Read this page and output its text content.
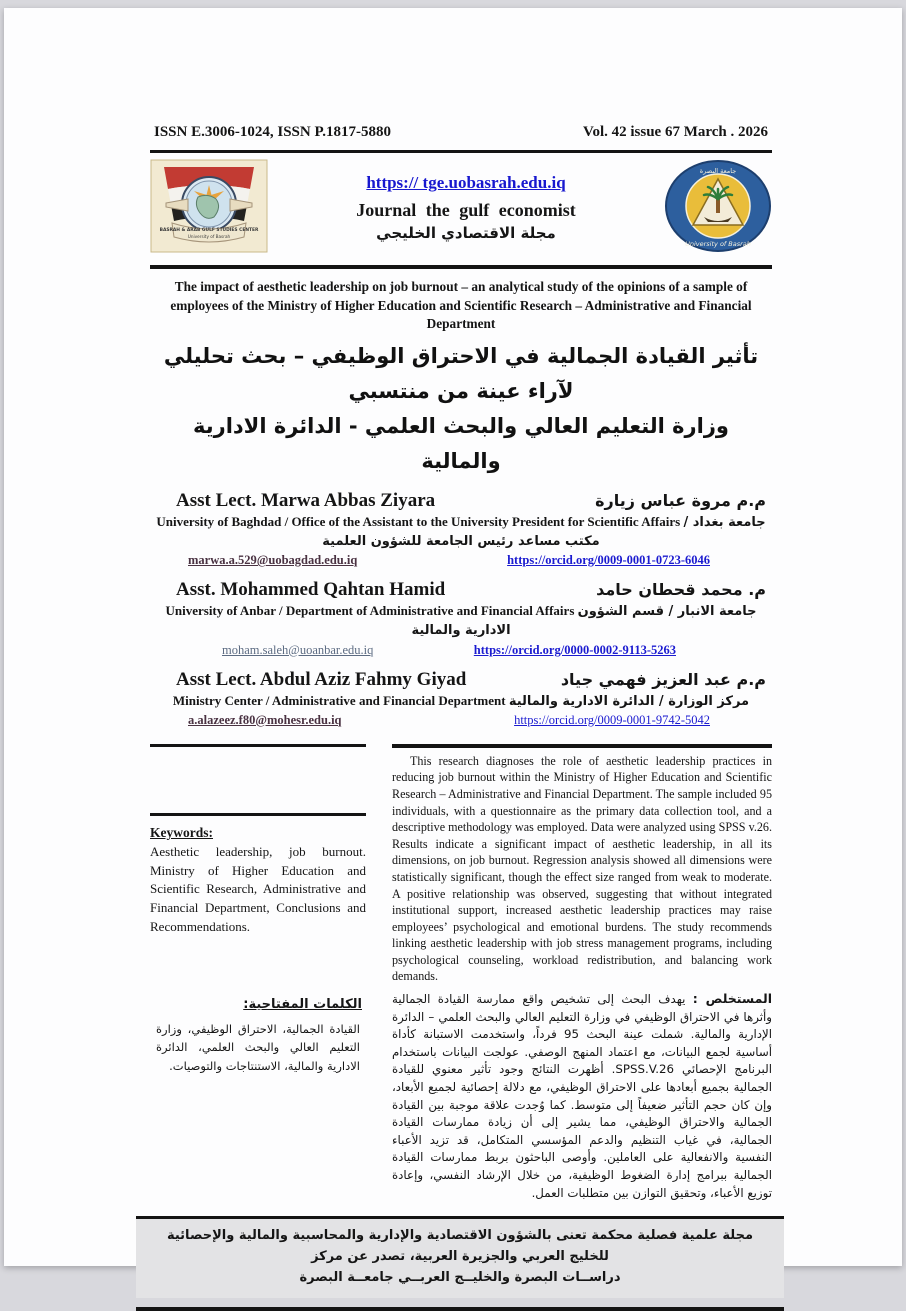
ISSN E.3006-1024, ISSN P.1817-5880	Vol. 42 issue 67 March . 2026
BASRAH & ARAB GULF STUDIES CENTER
University of Basrah
https:// tge.uobasrah.edu.iq
Journal the gulf economist
مجلة الاقتصادي الخليجي
جامعة البصرة
University of Basrah
The impact of aesthetic leadership on job burnout – an analytical study of the opinions of a sample of employees of the Ministry of Higher Education and Scientific Research – Administrative and Financial Department
تأثير القيادة الجمالية في الاحتراق الوظيفي – بحث تحليلي لآراء عينة من منتسبي
وزارة التعليم العالي والبحث العلمي - الدائرة الادارية والمالية
Asst Lect. Marwa Abbas Ziyara	م.م مروة عباس زيارة
University of Baghdad / Office of the Assistant to the University President for Scientific Affairs جامعة بغداد / مكتب مساعد رئيس الجامعة للشؤون العلمية
marwa.a.529@uobagdad.edu.iq	https://orcid.org/0009-0001-0723-6046
Asst. Mohammed Qahtan Hamid	م. محمد قحطان حامد
University of Anbar / Department of Administrative and Financial Affairs جامعة الانبار / قسم الشؤون الادارية والمالية
moham.saleh@uoanbar.edu.iq	https://orcid.org/0000-0002-9113-5263
Asst Lect. Abdul Aziz Fahmy Giyad	م.م عبد العزيز فهمي جياد
Ministry Center / Administrative and Financial Department مركز الوزارة / الدائرة الادارية والمالية
a.alazeez.f80@mohesr.edu.iq	https://orcid.org/0009-0001-9742-5042
Keywords:

Aesthetic leadership, job burnout. Ministry of Higher Education and Scientific Research, Administrative and Financial Department, Conclusions and Recommendations.

الكلمات المفتاحية:

القيادة الجمالية، الاحتراق الوظيفي، وزارة التعليم العالي والبحث العلمي، الدائرة الادارية والمالية، الاستنتاجات والتوصيات.

This research diagnoses the role of aesthetic leadership practices in reducing job burnout within the Ministry of Higher Education and Scientific Research – Administrative and Financial Department. The sample included 95 individuals, with a questionnaire as the primary data collection tool, and a descriptive methodology was employed. Data were analyzed using SPSS v.26. Results indicate a significant impact of aesthetic leadership, in all its dimensions, on job burnout. Regression analysis showed all dimensions were statistically significant, though the effect size ranged from weak to moderate. A positive relationship was observed, suggesting that without integrated institutional support, increased aesthetic leadership practices may raise employees’ psychological and emotional burdens. The study recommends linking aesthetic leadership with job stress management programs, including psychological counseling, workload redistribution, and balancing work demands.

المستخلص : يهدف البحث إلى تشخيص واقع ممارسة القيادة الجمالية وأثرها في الاحتراق الوظيفي في وزارة التعليم العالي والبحث العلمي – الدائرة الإدارية والمالية. شملت عينة البحث 95 فرداً، واستخدمت الاستبانة كأداة أساسية لجمع البيانات، مع اعتماد المنهج الوصفي. عولجت البيانات باستخدام البرنامج الإحصائي SPSS.V.26. أظهرت النتائج وجود تأثير معنوي للقيادة الجمالية بجميع أبعادها على الاحتراق الوظيفي، مع دلالة إحصائية لجميع الأبعاد، وإن كان حجم التأثير ضعيفاً إلى متوسط. كما وُجدت علاقة موجبة بين القيادة الجمالية والاحتراق الوظيفي، مما يشير إلى أن زيادة ممارسات القيادة الجمالية، في غياب التنظيم والدعم المؤسسي المتكامل، قد تزيد الأعباء النفسية والانفعالية على العاملين. وأوصى الباحثون بربط ممارسات القيادة الجمالية ببرامج إدارة الضغوط الوظيفية، من خلال الإرشاد النفسي، وإعادة توزيع الأعباء، وتحقيق التوازن بين متطلبات العمل.

مجلة علمية فصلية محكمة تعنى بالشؤون الاقتصادية والإدارية والمحاسبية والمالية والإحصائية للخليج العربي والجزيرة العربية، تصدر عن مركز
دراســات البصرة والخليــج العربــي جامعــة البصرة
